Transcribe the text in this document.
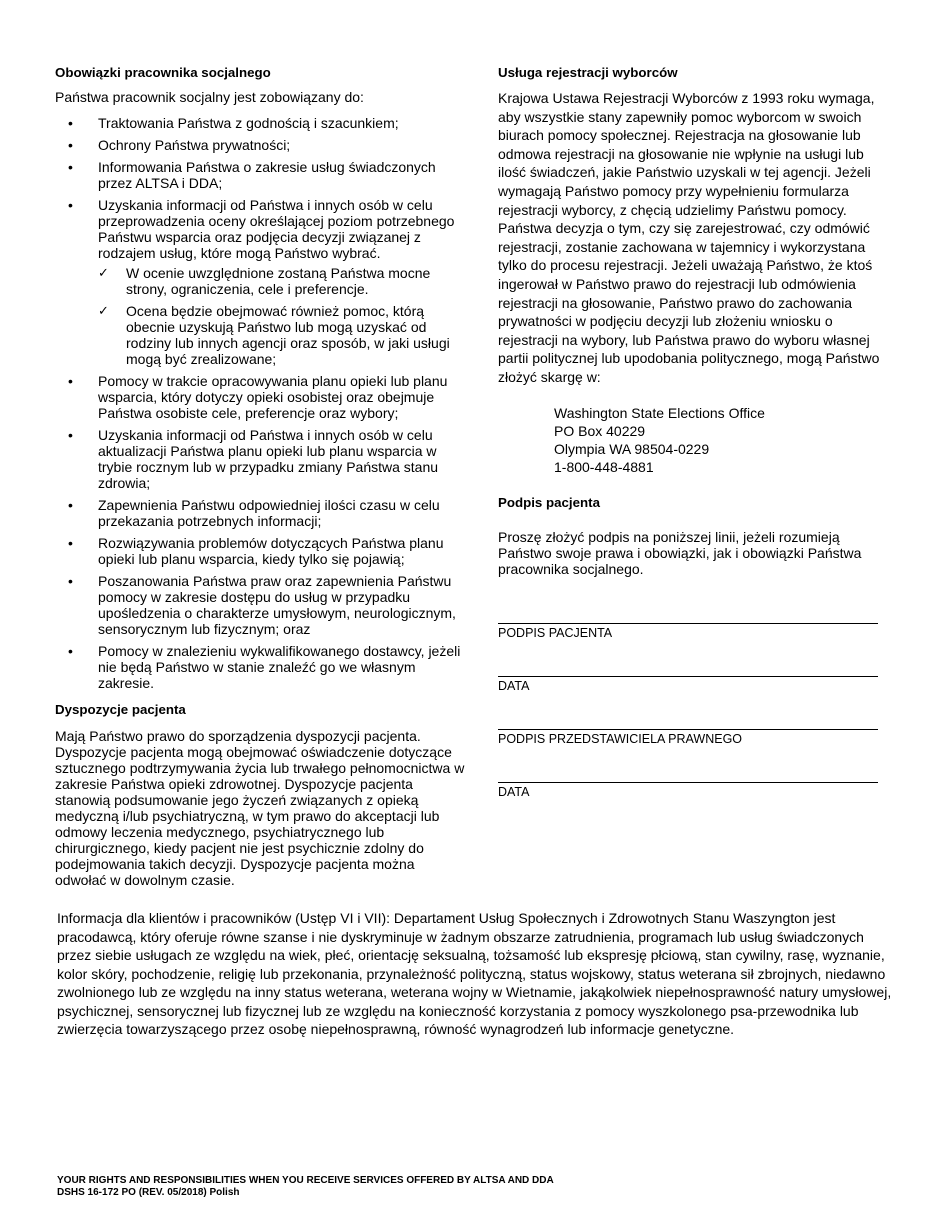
Obowiązki pracownika socjalnego

Państwa pracownik socjalny jest zobowiązany do:

• Traktowania Państwa z godnością i szacunkiem;
• Ochrony Państwa prywatności;
• Informowania Państwa o zakresie usług świadczonych przez ALTSA i DDA;
• Uzyskania informacji od Państwa i innych osób w celu przeprowadzenia oceny określającej poziom potrzebnego Państwu wsparcia oraz podjęcia decyzji związanej z rodzajem usług, które mogą Państwo wybrać.
✓ W ocenie uwzględnione zostaną Państwa mocne strony, ograniczenia, cele i preferencje.
✓ Ocena będzie obejmować również pomoc, którą obecnie uzyskują Państwo lub mogą uzyskać od rodziny lub innych agencji oraz sposób, w jaki usługi mogą być zrealizowane;
• Pomocy w trakcie opracowywania planu opieki lub planu wsparcia, który dotyczy opieki osobistej oraz obejmuje Państwa osobiste cele, preferencje oraz wybory;
• Uzyskania informacji od Państwa i innych osób w celu aktualizacji Państwa planu opieki lub planu wsparcia w trybie rocznym lub w przypadku zmiany Państwa stanu zdrowia;
• Zapewnienia Państwu odpowiedniej ilości czasu w celu przekazania potrzebnych informacji;
• Rozwiązywania problemów dotyczących Państwa planu opieki lub planu wsparcia, kiedy tylko się pojawią;
• Poszanowania Państwa praw oraz zapewnienia Państwu pomocy w zakresie dostępu do usług w przypadku upośledzenia o charakterze umysłowym, neurologicznym, sensorycznym lub fizycznym; oraz
• Pomocy w znalezieniu wykwalifikowanego dostawcy, jeżeli nie będą Państwo w stanie znaleźć go we własnym zakresie.
Dyspozycje pacjenta

Mają Państwo prawo do sporządzenia dyspozycji pacjenta. Dyspozycje pacjenta mogą obejmować oświadczenie dotyczące sztucznego podtrzymywania życia lub trwałego pełnomocnictwa w zakresie Państwa opieki zdrowotnej. Dyspozycje pacjenta stanowią podsumowanie jego życzeń związanych z opieką medyczną i/lub psychiatryczną, w tym prawo do akceptacji lub odmowy leczenia medycznego, psychiatrycznego lub chirurgicznego, kiedy pacjent nie jest psychicznie zdolny do podejmowania takich decyzji. Dyspozycje pacjenta można odwołać w dowolnym czasie.

Usługa rejestracji wyborców

Krajowa Ustawa Rejestracji Wyborców z 1993 roku wymaga, aby wszystkie stany zapewniły pomoc wyborcom w swoich biurach pomocy społecznej. Rejestracja na głosowanie lub odmowa rejestracji na głosowanie nie wpłynie na usługi lub ilość świadczeń, jakie Państwio uzyskali w tej agencji. Jeżeli wymagają Państwo pomocy przy wypełnieniu formularza rejestracji wyborcy, z chęcią udzielimy Państwu pomocy. Państwa decyzja o tym, czy się zarejestrować, czy odmówić rejestracji, zostanie zachowana w tajemnicy i wykorzystana tylko do procesu rejestracji. Jeżeli uważają Państwo, że ktoś ingerował w Państwo prawo do rejestracji lub odmówienia rejestracji na głosowanie, Państwo prawo do zachowania prywatności w podjęciu decyzji lub złożeniu wniosku o rejestracji na wybory, lub Państwa prawo do wyboru własnej partii politycznej lub upodobania politycznego, mogą Państwo złożyć skargę w:

Washington State Elections Office
PO Box 40229
Olympia WA 98504-0229
1-800-448-4881
Podpis pacjenta

Proszę złożyć podpis na poniższej linii, jeżeli rozumieją Państwo swoje prawa i obowiązki, jak i obowiązki Państwa pracownika socjalnego.

PODPIS PACJENTA
DATA
PODPIS PRZEDSTAWICIELA PRAWNEGO
DATA
Informacja dla klientów i pracowników (Ustęp VI i VII): Departament Usług Społecznych i Zdrowotnych Stanu Waszyngton jest pracodawcą, który oferuje równe szanse i nie dyskryminuje w żadnym obszarze zatrudnienia, programach lub usług świadczonych przez siebie usługach ze względu na wiek, płeć, orientację seksualną, tożsamość lub ekspresję płciową, stan cywilny, rasę, wyznanie, kolor skóry, pochodzenie, religię lub przekonania, przynależność polityczną, status wojskowy, status weterana sił zbrojnych, niedawno zwolnionego lub ze względu na inny status weterana, weterana wojny w Wietnamie, jakąkolwiek niepełnosprawność natury umysłowej, psychicznej, sensorycznej lub fizycznej lub ze względu na konieczność korzystania z pomocy wyszkolonego psa-przewodnika lub zwierzęcia towarzyszącego przez osobę niepełnosprawną, równość wynagrodzeń lub informacje genetyczne.
YOUR RIGHTS AND RESPONSIBILITIES WHEN YOU RECEIVE SERVICES OFFERED BY ALTSA AND DDA
DSHS 16-172 PO (REV. 05/2018) Polish
